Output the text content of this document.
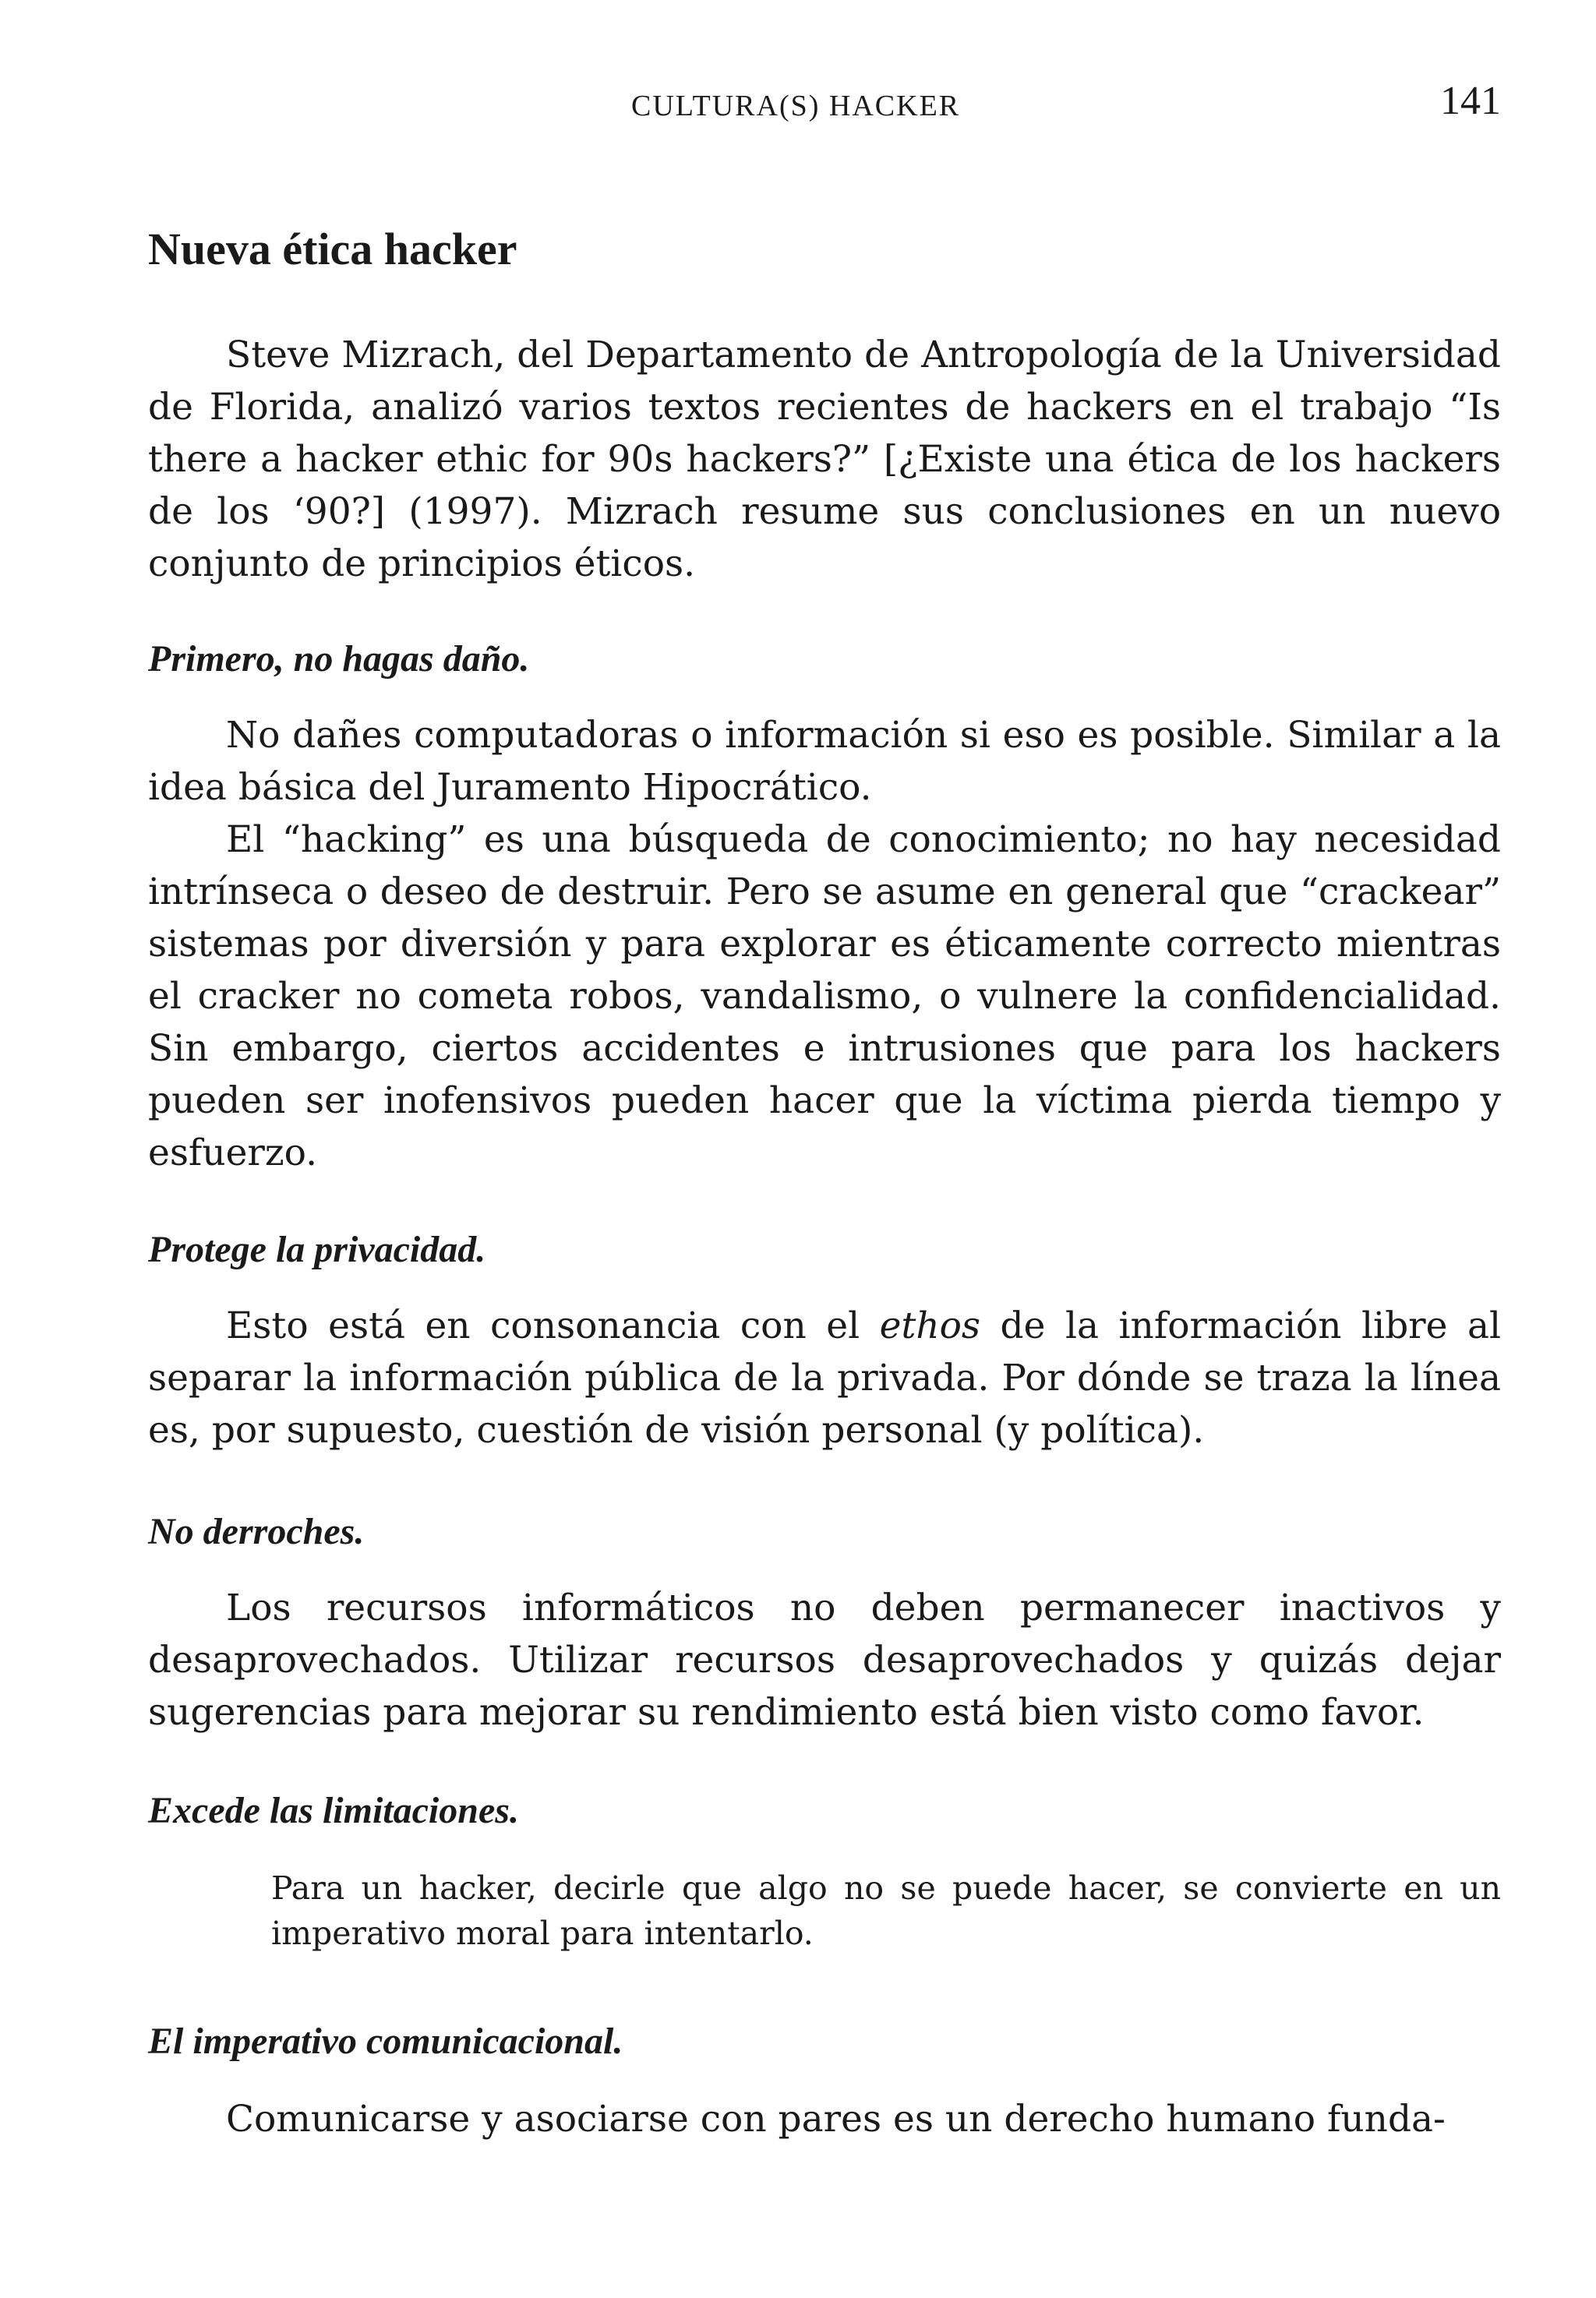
CULTURA(S) HACKER	141
Nueva ética hacker

Steve Mizrach, del Departamento de Antropología de la Universidad de Florida, analizó varios textos recientes de hackers en el trabajo “Is there a hacker ethic for 90s hackers?” [¿Existe una ética de los hackers de los ‘90?] (1997). Mizrach resume sus conclusiones en un nuevo conjunto de principios éticos.

Primero, no hagas daño.

No dañes computadoras o información si eso es posible. Similar a la idea básica del Juramento Hipocrático.

El “hacking” es una búsqueda de conocimiento; no hay necesidad intrínseca o deseo de destruir. Pero se asume en general que “crackear” sistemas por diversión y para explorar es éticamente correcto mientras el cracker no cometa robos, vandalismo, o vulnere la confidencialidad. Sin embargo, ciertos accidentes e intrusiones que para los hackers pueden ser inofensivos pueden hacer que la víctima pierda tiempo y esfuerzo.

Protege la privacidad.

Esto está en consonancia con el ethos de la información libre al separar la información pública de la privada. Por dónde se traza la línea es, por supuesto, cuestión de visión personal (y política).

No derroches.

Los recursos informáticos no deben permanecer inactivos y desaprovechados. Utilizar recursos desaprovechados y quizás dejar sugerencias para mejorar su rendimiento está bien visto como favor.

Excede las limitaciones.

Para un hacker, decirle que algo no se puede hacer, se convierte en un imperativo moral para intentarlo.

El imperativo comunicacional.

Comunicarse y asociarse con pares es un derecho humano funda-
